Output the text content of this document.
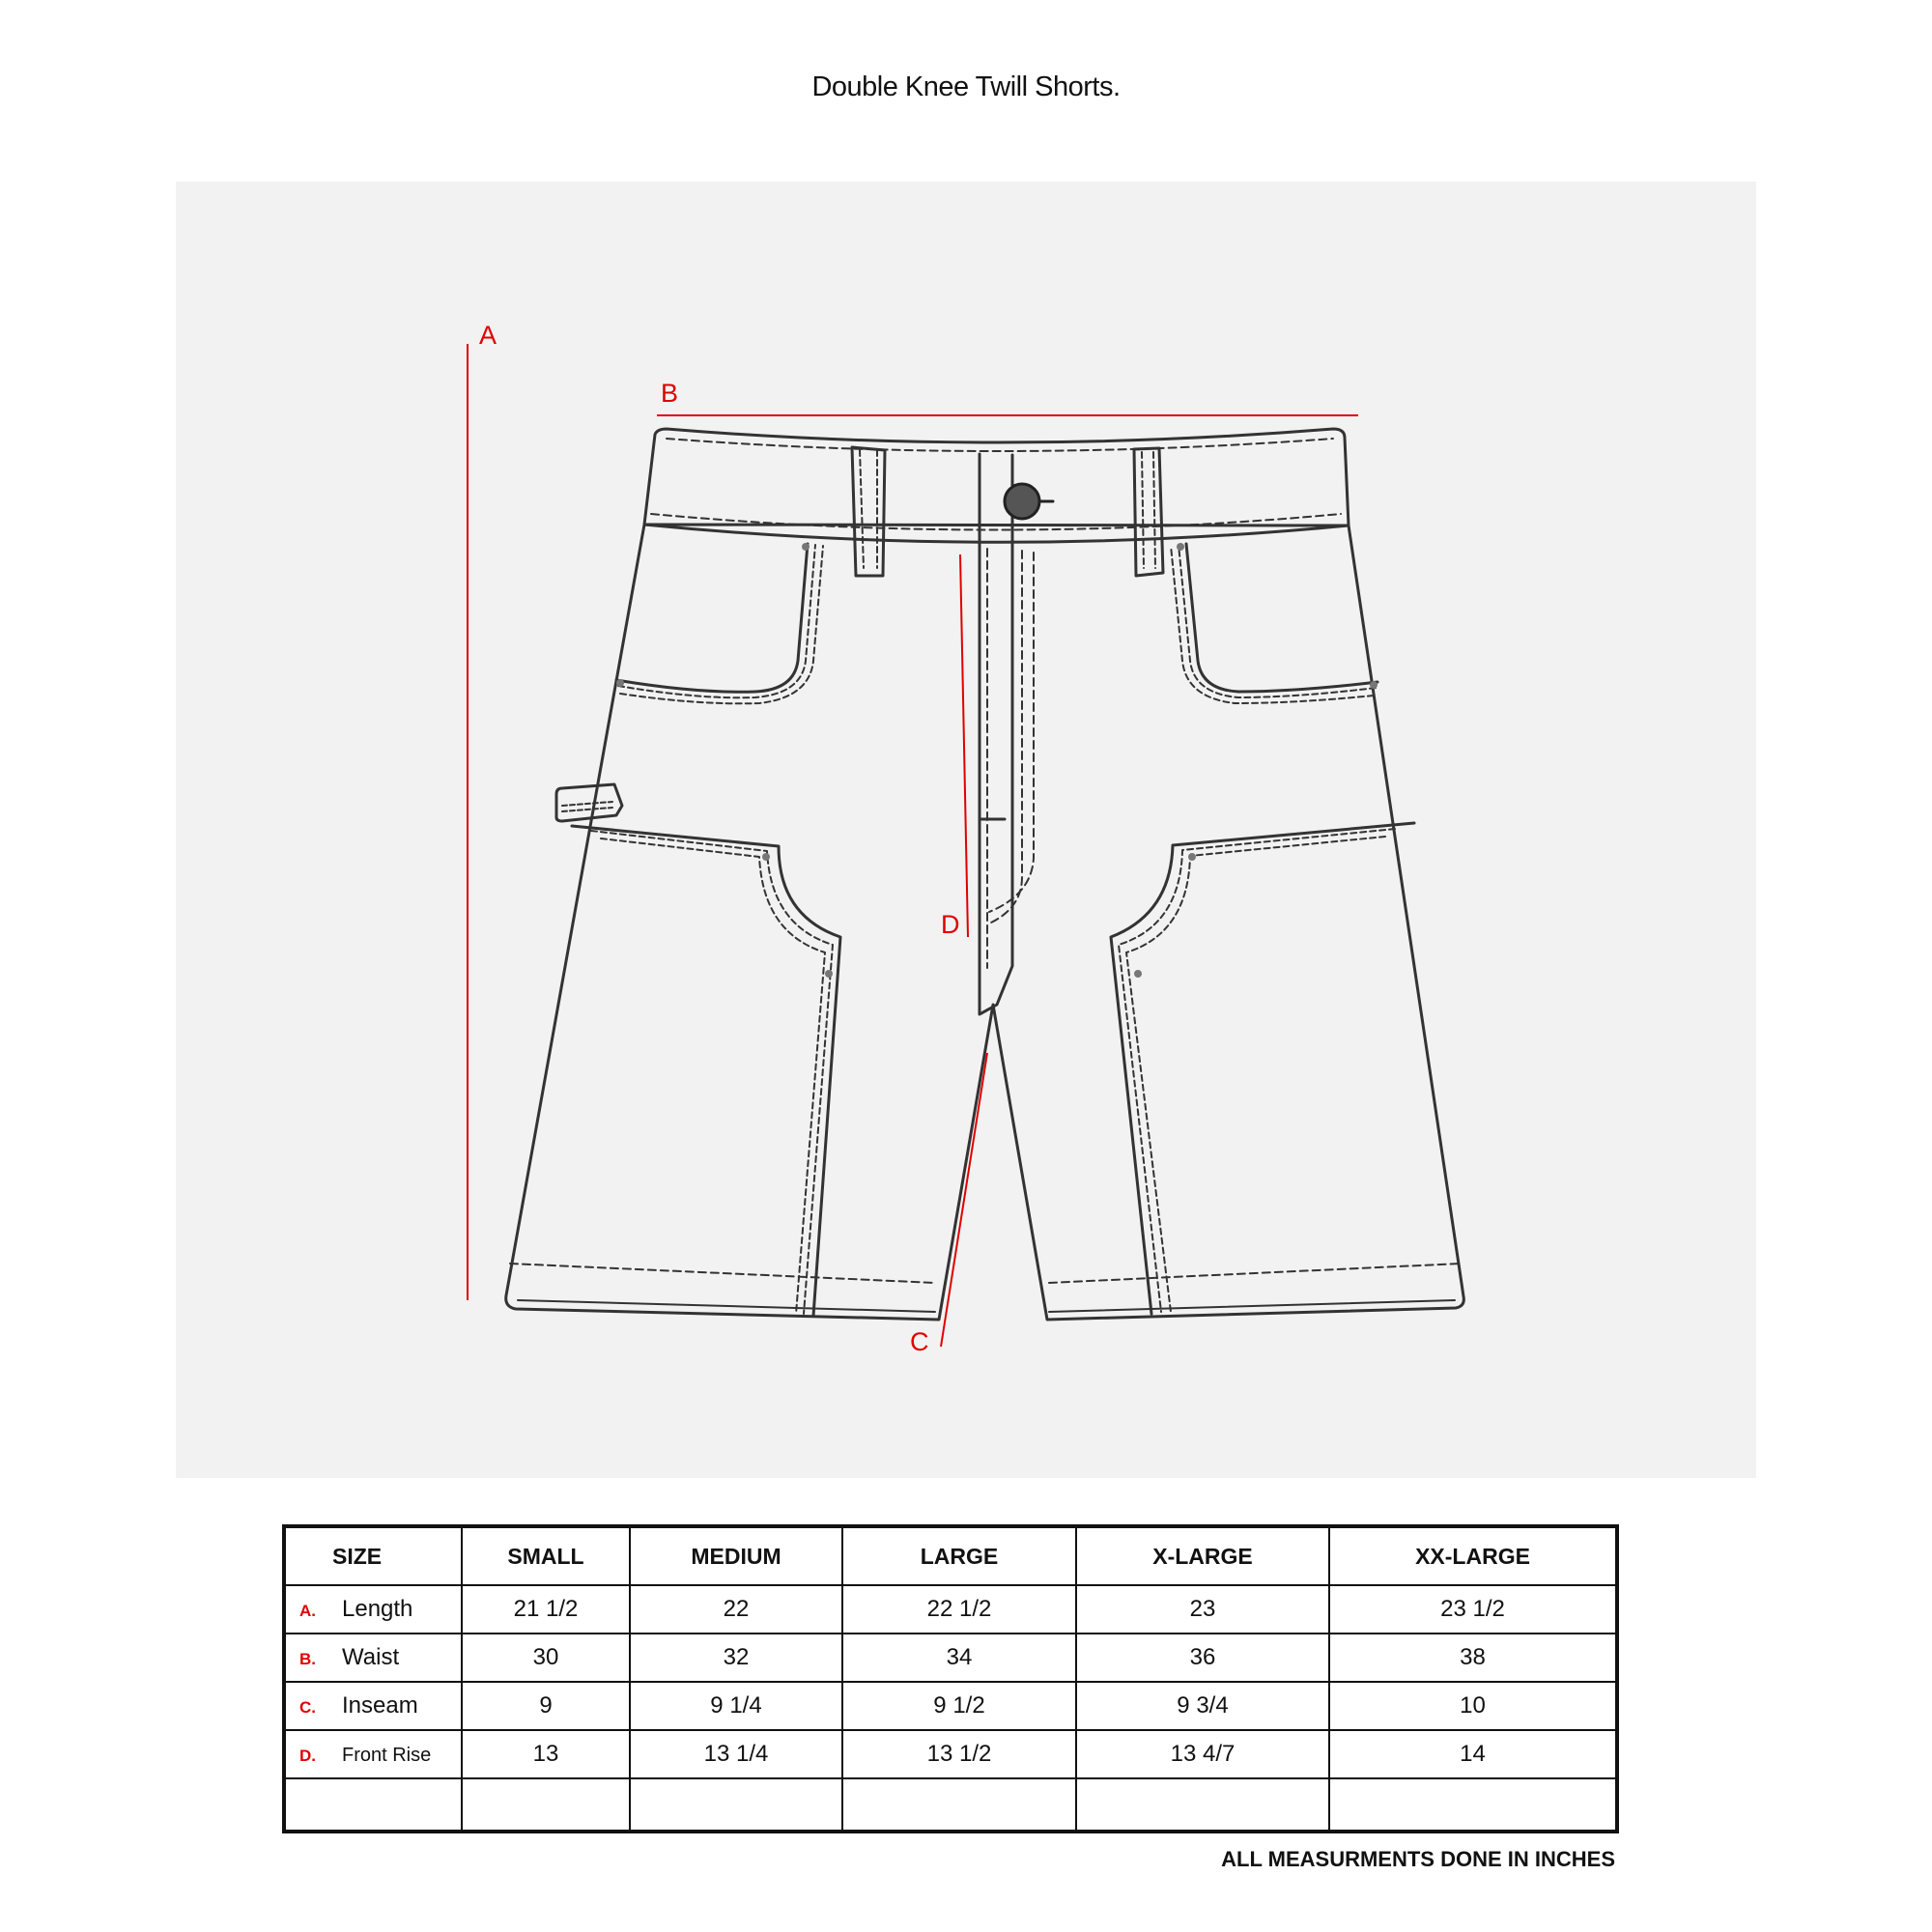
Double Knee Twill Shorts.
A
B
C
D
SIZE	SMALL	MEDIUM	LARGE	X-LARGE	XX-LARGE
A. Length	21 1/2	22	22 1/2	23	23 1/2
B. Waist	30	32	34	36	38
C. Inseam	9	9 1/4	9 1/2	9 3/4	10
D. Front Rise	13	13 1/4	13 1/2	13 4/7	14

ALL MEASURMENTS DONE IN INCHES
